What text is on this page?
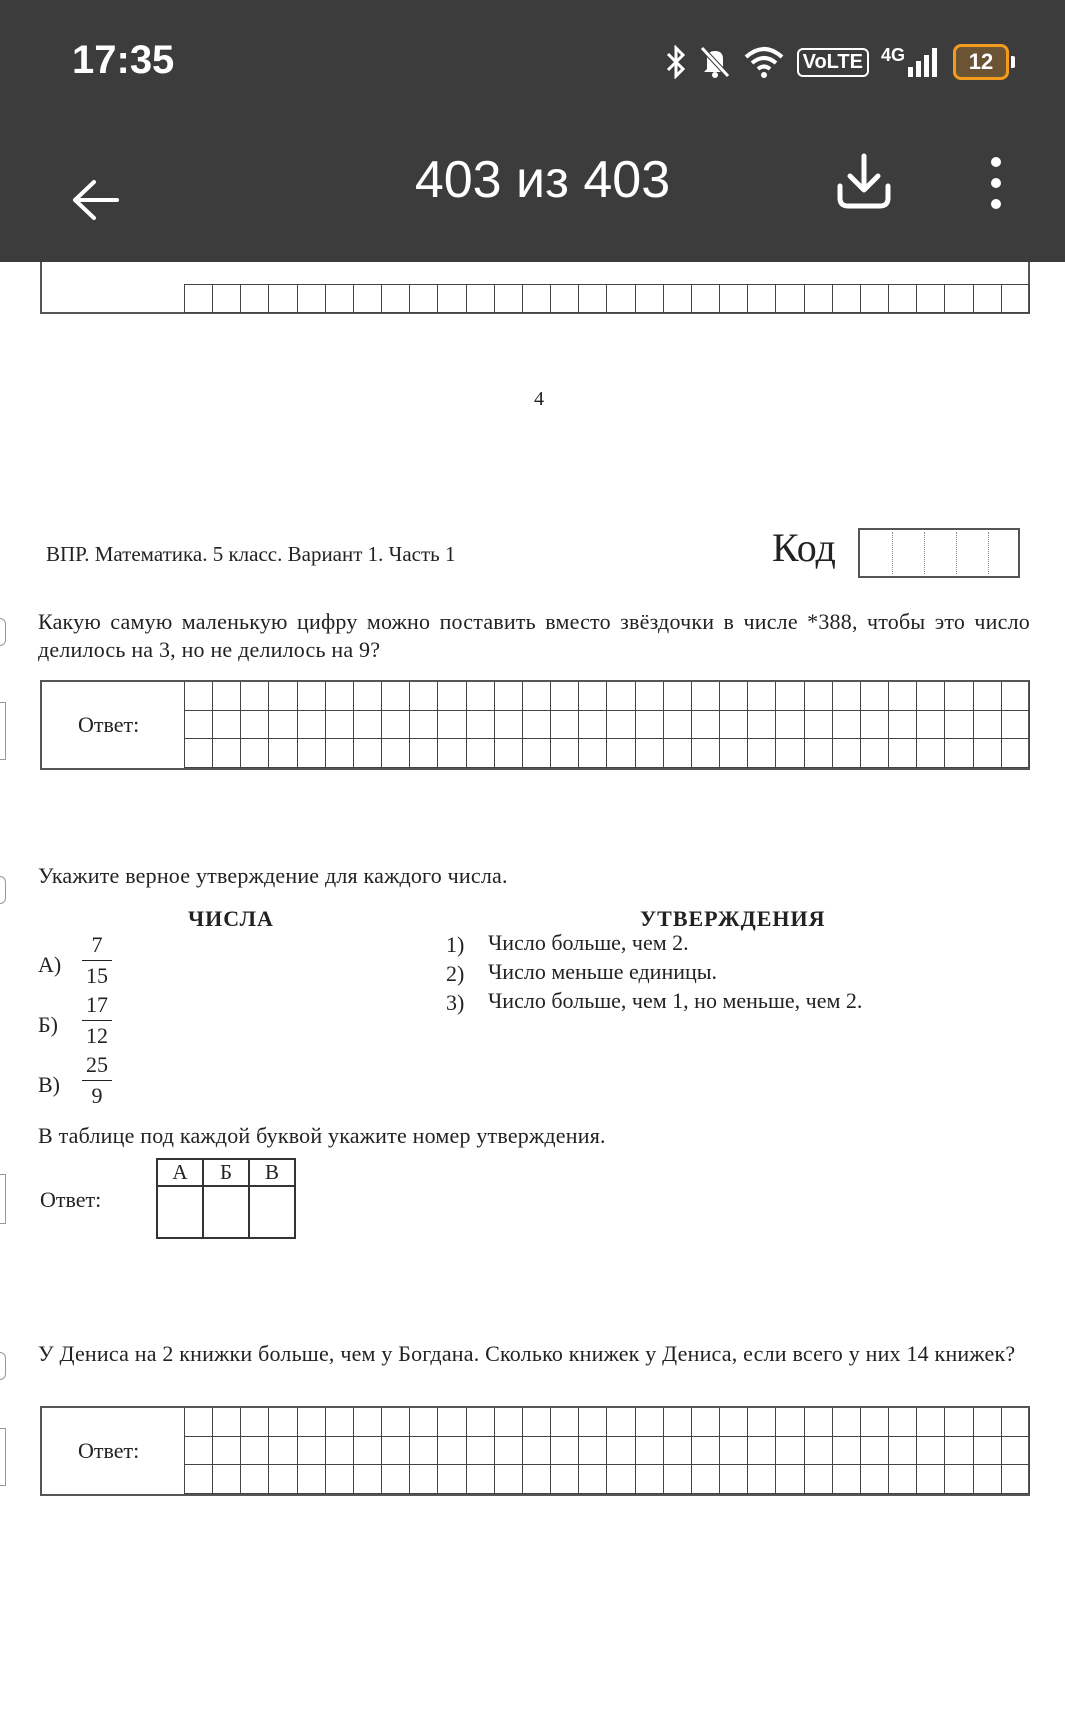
17:35	VoLTE	4G	12
403 из 403
4
ВПР. Математика. 5 класс. Вариант 1. Часть 1	Код
Какую самую маленькую цифру можно поставить вместо звёздочки в числе *388, чтобы это число делилось на 3, но не делилось на 9?
Ответ:
Укажите верное утверждение для каждого числа.
ЧИСЛА	УТВЕРЖДЕНИЯ
$А) \frac{7}{15}$
$Б) \frac{17}{12}$
$В) \frac{25}{9}$
1) Число больше, чем 2.
2) Число меньше единицы.
3) Число больше, чем 1, но меньше, чем 2.
В таблице под каждой буквой укажите номер утверждения.
Ответ:
А	Б	В

У Дениса на 2 книжки больше, чем у Богдана. Сколько книжек у Дениса, если всего у них 14 книжек?
Ответ:
